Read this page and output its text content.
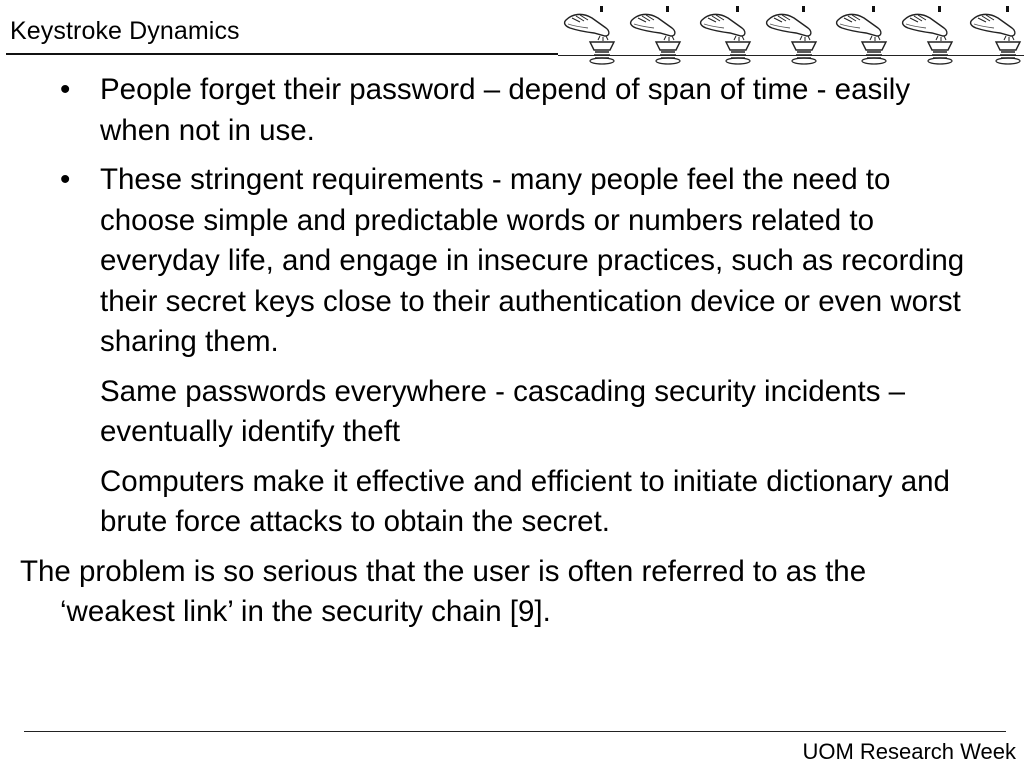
Keystroke Dynamics
•	People forget their password – depend of span of time - easily when not in use.
•	These stringent requirements - many people feel the need to choose simple and predictable words or numbers related to everyday life, and engage in insecure practices, such as recording their secret keys close to their authentication device or even worst sharing them.
Same passwords everywhere - cascading security incidents – eventually identify theft
Computers make it effective and efficient to initiate dictionary and brute force attacks to obtain the secret.
The problem is so serious that the user is often referred to as the ‘weakest link’ in the security chain [9].
UOM Research Week
